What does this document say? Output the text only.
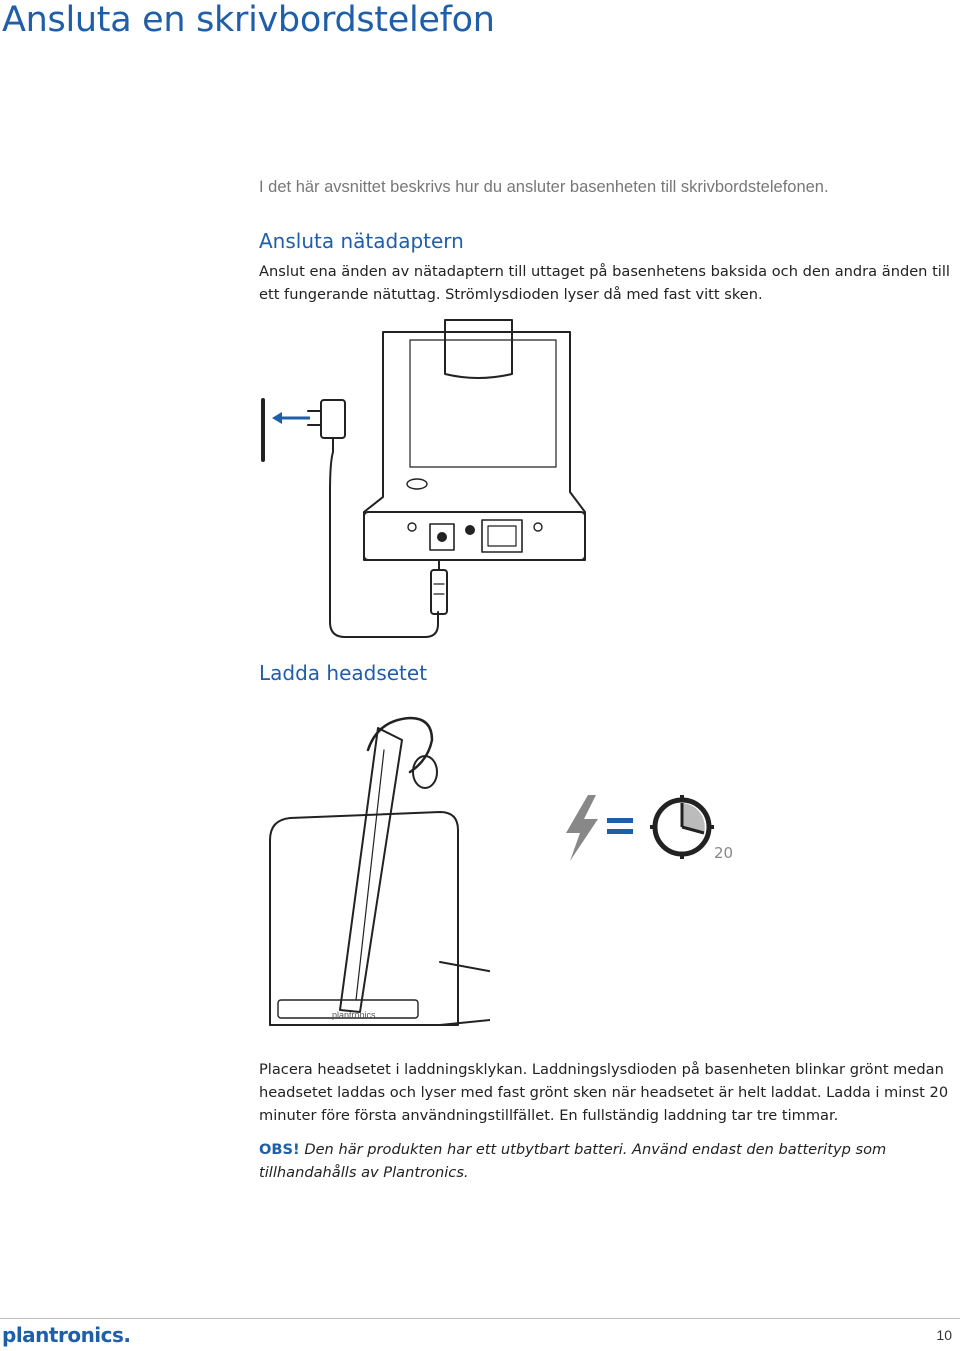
Ansluta en skrivbordstelefon

I det här avsnittet beskrivs hur du ansluter basenheten till skrivbordstelefonen.

Ansluta nätadaptern

Anslut ena änden av nätadaptern till uttaget på basenhetens baksida och den andra änden till ett fungerande nätuttag. Strömlysdioden lyser då med fast vitt sken.

Ladda headsetet
plantronics
20

Placera headsetet i laddningsklykan. Laddningslysdioden på basenheten blinkar grönt medan headsetet laddas och lyser med fast grönt sken när headsetet är helt laddat. Ladda i minst 20 minuter före första användningstillfället. En fullständig laddning tar tre timmar.

OBS! Den här produkten har ett utbytbart batteri. Använd endast den batterityp som tillhandahålls av Plantronics.

plantronics.	10
